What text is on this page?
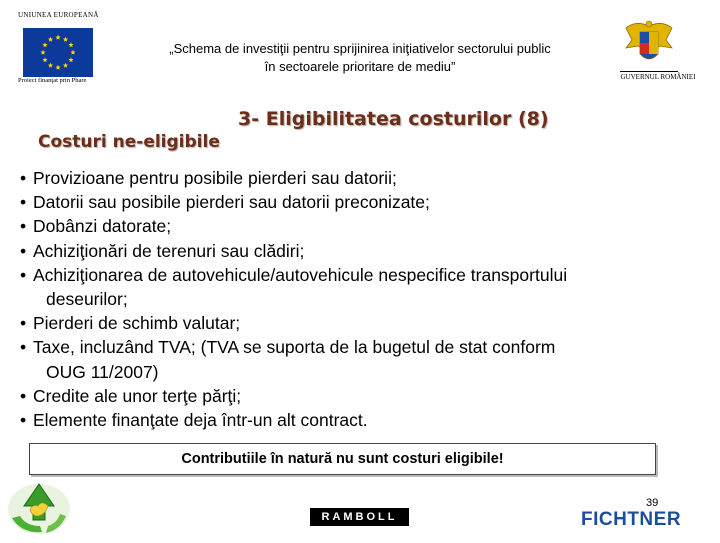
UNIUNEA EUROPEANĂ
Proiect finanţat prin Phare
„Schema de investiţii pentru sprijinirea iniţiativelor sectorului public
în sectoarele prioritare de mediu”
GUVERNUL ROMÂNIEI
3- Eligibilitatea costurilor (8)
Costuri ne-eligibile
• Provizioane pentru posibile pierderi sau datorii;
• Datorii sau posibile pierderi sau datorii preconizate;
• Dobânzi datorate;
• Achiziţionări de terenuri sau clădiri;
• Achiziţionarea de autovehicule/autovehicule nespecifice transportului
deseurilor;
• Pierderi de schimb valutar;
• Taxe, incluzând TVA; (TVA se suporta de la bugetul de stat conform
OUG 11/2007)
• Credite ale unor terţe părţi;
• Elemente finanţate deja într-un alt contract.
Contributiile în natură nu sunt costuri eligibile!
39
RAMBOLL	FICHTNER
